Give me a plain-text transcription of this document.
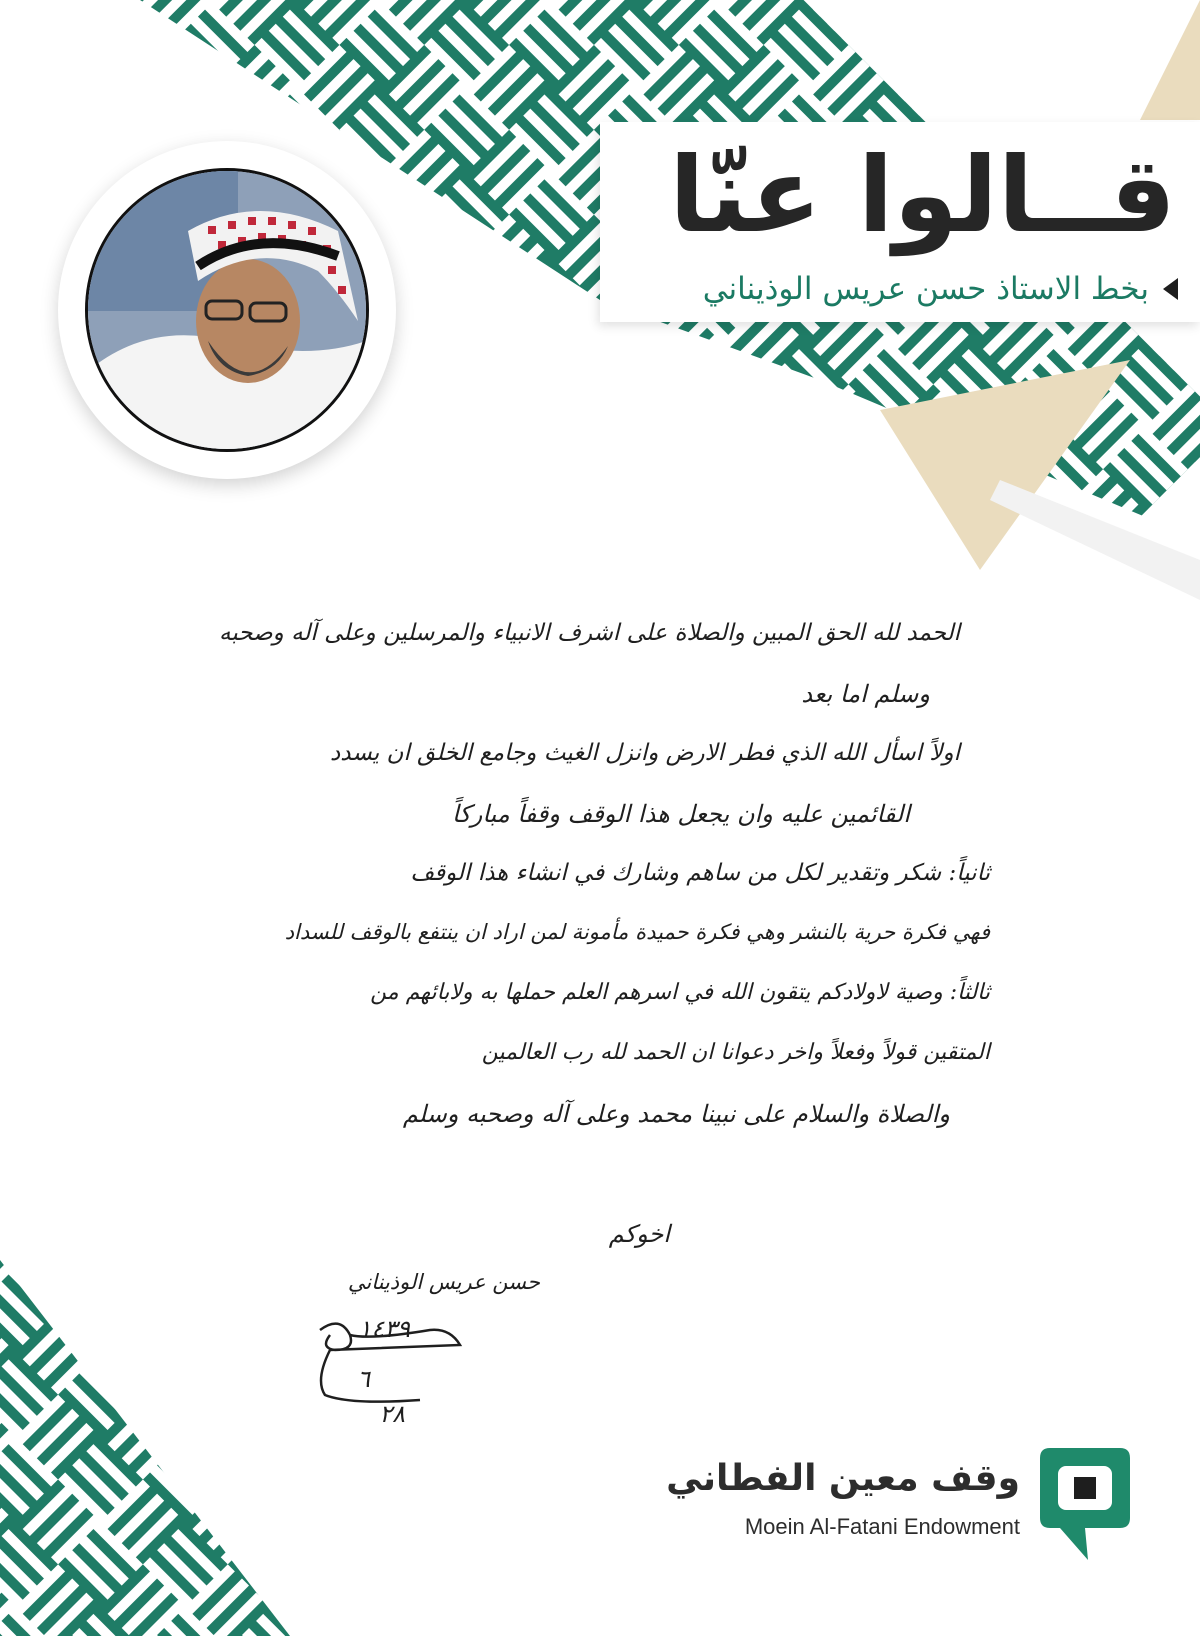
قــالوا عنّا
بخط الاستاذ حسن عريس الوذيناني
الحمد لله الحق المبين والصلاة على اشرف الانبياء والمرسلين وعلى آله وصحبه
وسلم اما بعد
اولاً اسأل الله الذي فطر الارض وانزل الغيث وجامع الخلق ان يسدد
القائمين عليه وان يجعل هذا الوقف وقفاً مباركاً
ثانياً: شكر وتقدير لكل من ساهم وشارك في انشاء هذا الوقف
فهي فكرة حرية بالنشر وهي فكرة حميدة مأمونة لمن اراد ان ينتفع بالوقف للسداد
ثالثاً: وصية لاولادكم يتقون الله في اسرهم العلم حملها به ولابائهم من
المتقين قولاً وفعلاً واخر دعوانا ان الحمد لله رب العالمين
والصلاة والسلام على نبينا محمد وعلى آله وصحبه وسلم
اخوكم
حسن عريس الوذيناني
١٤٣٩
٦
٢٨
وقف معين الفطاني
Moein Al-Fatani Endowment
